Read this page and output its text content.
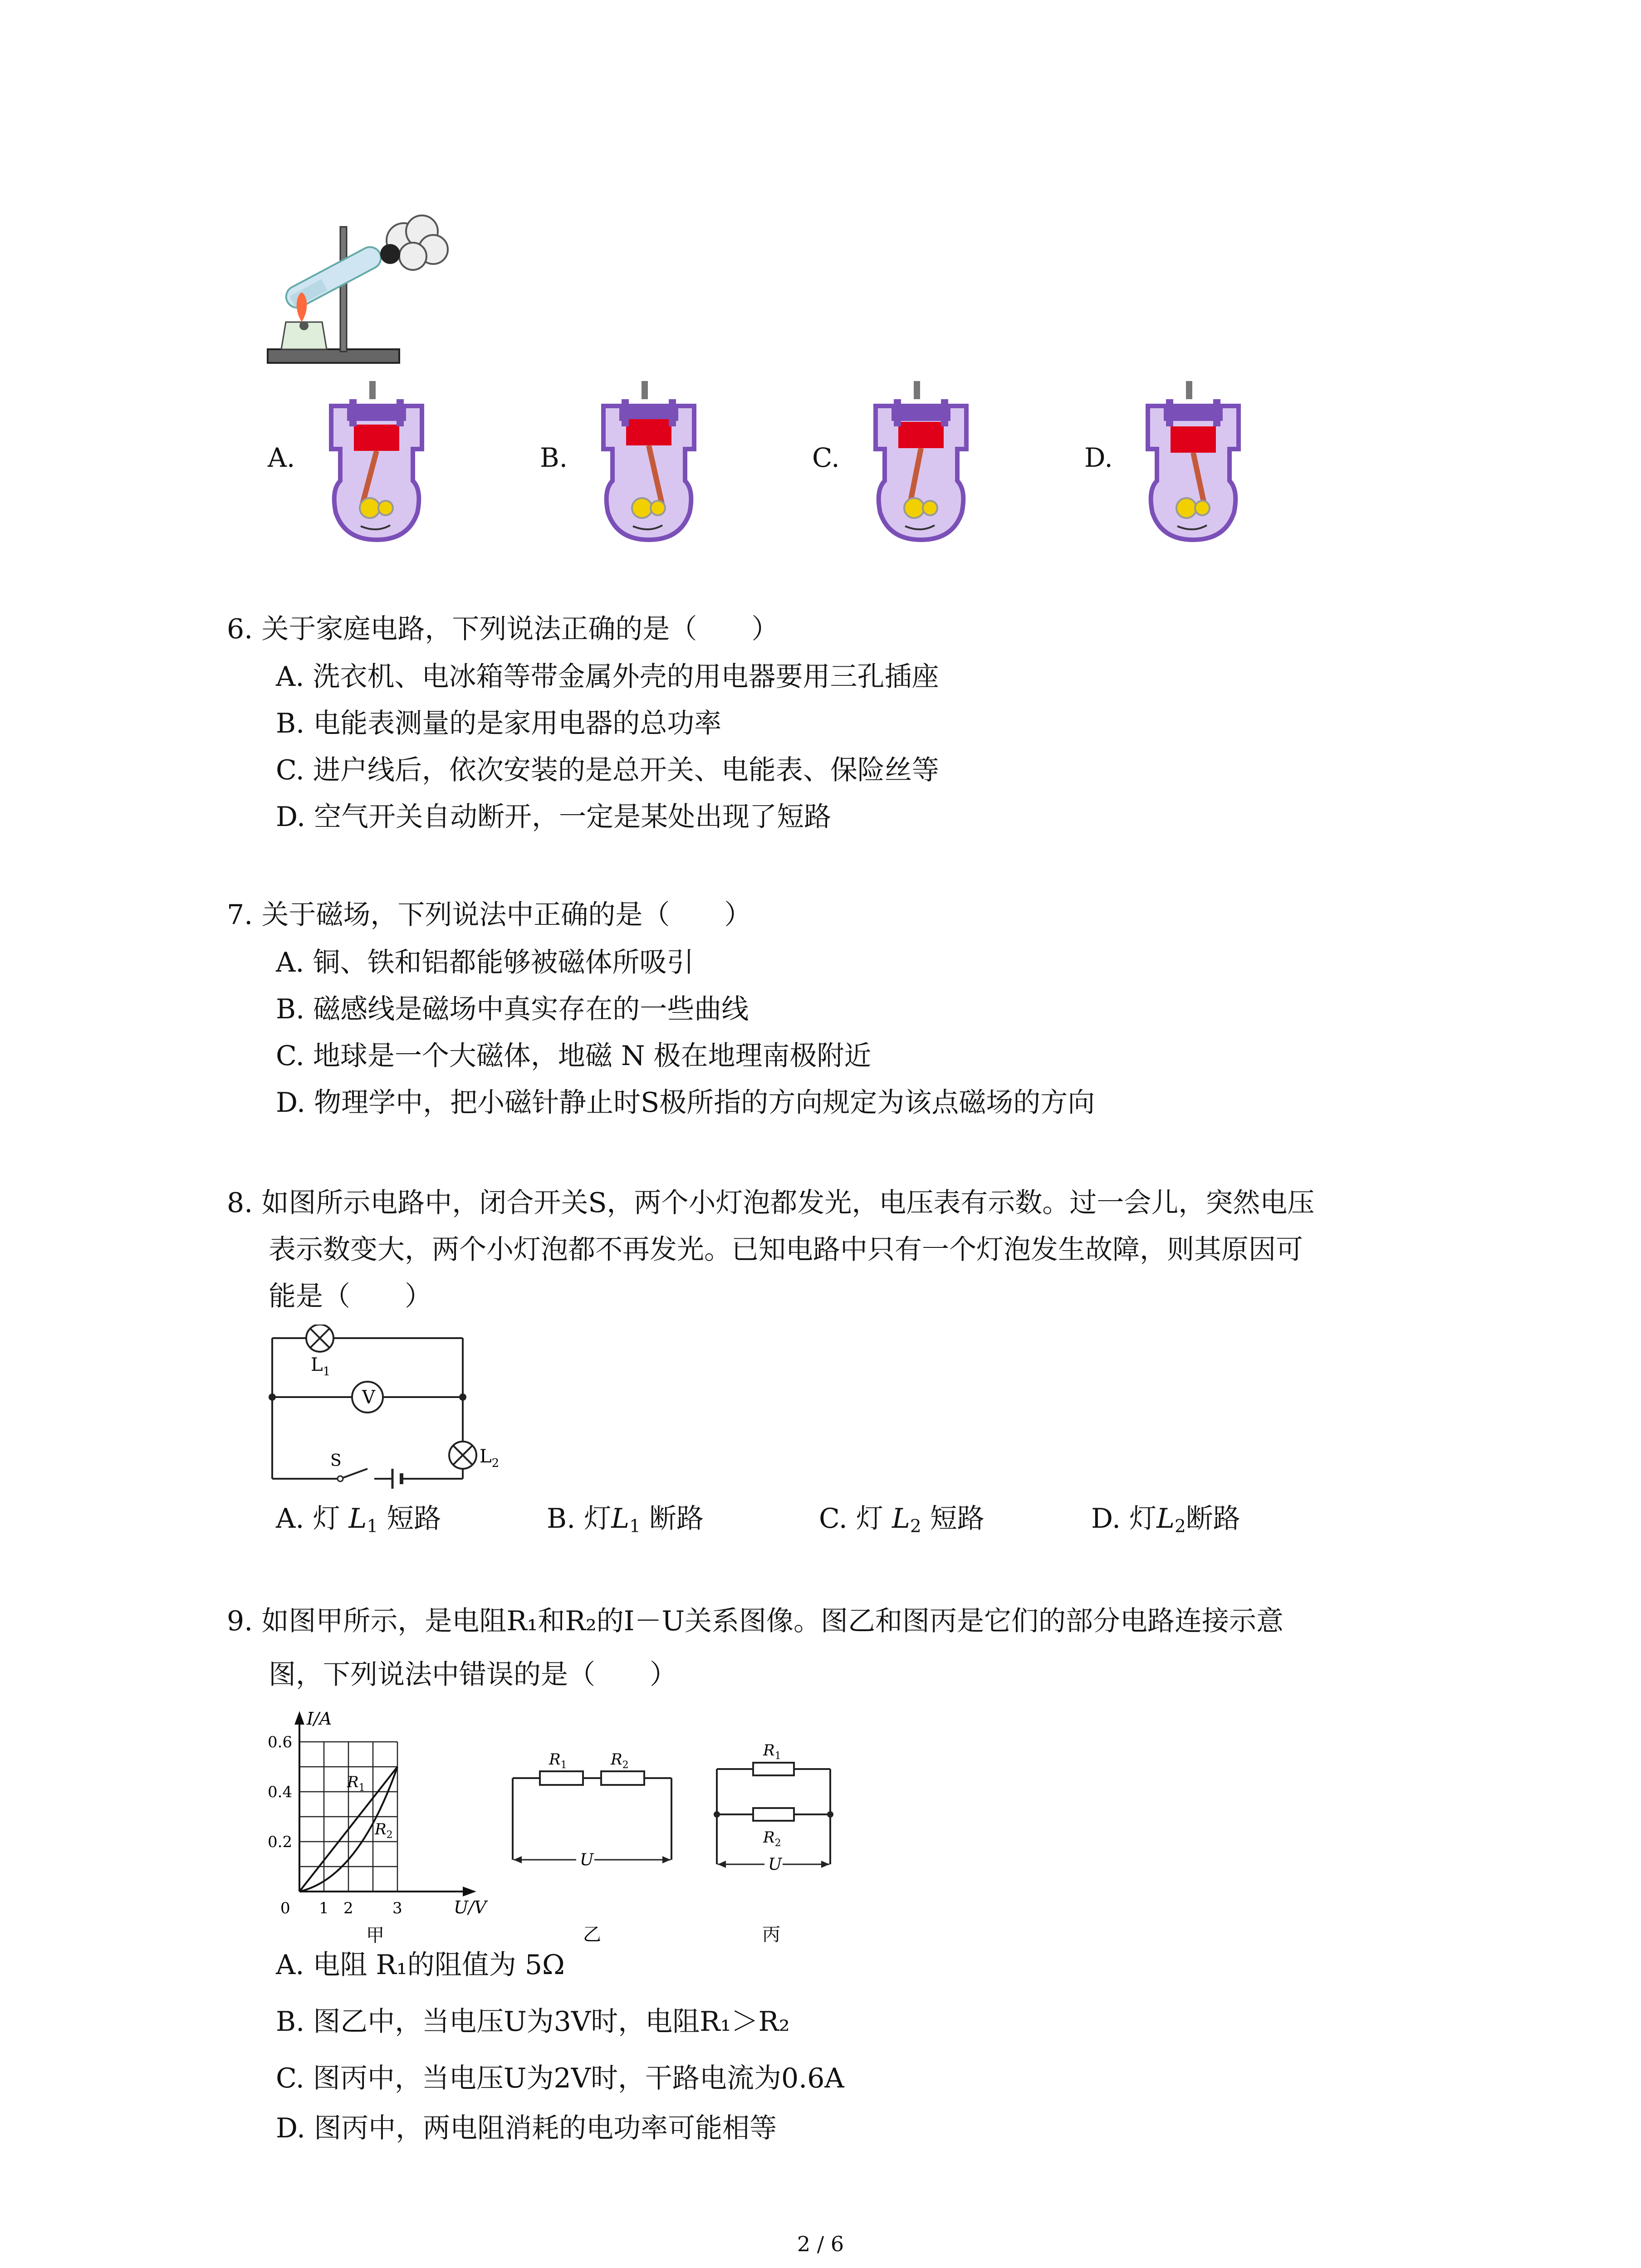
A.	B.	C.	D.
6. 关于家庭电路，下列说法正确的是（　　）
A. 洗衣机、电冰箱等带金属外壳的用电器要用三孔插座
B. 电能表测量的是家用电器的总功率
C. 进户线后，依次安装的是总开关、电能表、保险丝等
D. 空气开关自动断开，一定是某处出现了短路
7. 关于磁场，下列说法中正确的是（　　）
A. 铜、铁和铝都能够被磁体所吸引
B. 磁感线是磁场中真实存在的一些曲线
C. 地球是一个大磁体，地磁 N 极在地理南极附近
D. 物理学中，把小磁针静止时S极所指的方向规定为该点磁场的方向
8. 如图所示电路中，闭合开关S，两个小灯泡都发光，电压表有示数。过一会儿，突然电压
表示数变大，两个小灯泡都不再发光。已知电路中只有一个灯泡发生故障，则其原因可
能是（　　）
$L_1$
V
S	$L_2$
A. 灯 $L_1$ 短路	B. 灯$L_1$ 断路	C. 灯 $L_2$ 短路	D. 灯$L_2$断路
9. 如图甲所示，是电阻R₁和R₂的I－U关系图像。图乙和图丙是它们的部分电路连接示意
图，下列说法中错误的是（　　）
I/A
0.6
0.4
0.2
0 1 2	3	U/V
$R_1$
$R_2$
甲
$R_1$	$R_2$
U
乙
$R_1$
$R_2$
U
丙
A. 电阻 R₁的阻值为 5Ω
B. 图乙中，当电压U为3V时，电阻R₁＞R₂
C. 图丙中，当电压U为2V时，干路电流为0.6A
D. 图丙中，两电阻消耗的电功率可能相等
2 / 6
